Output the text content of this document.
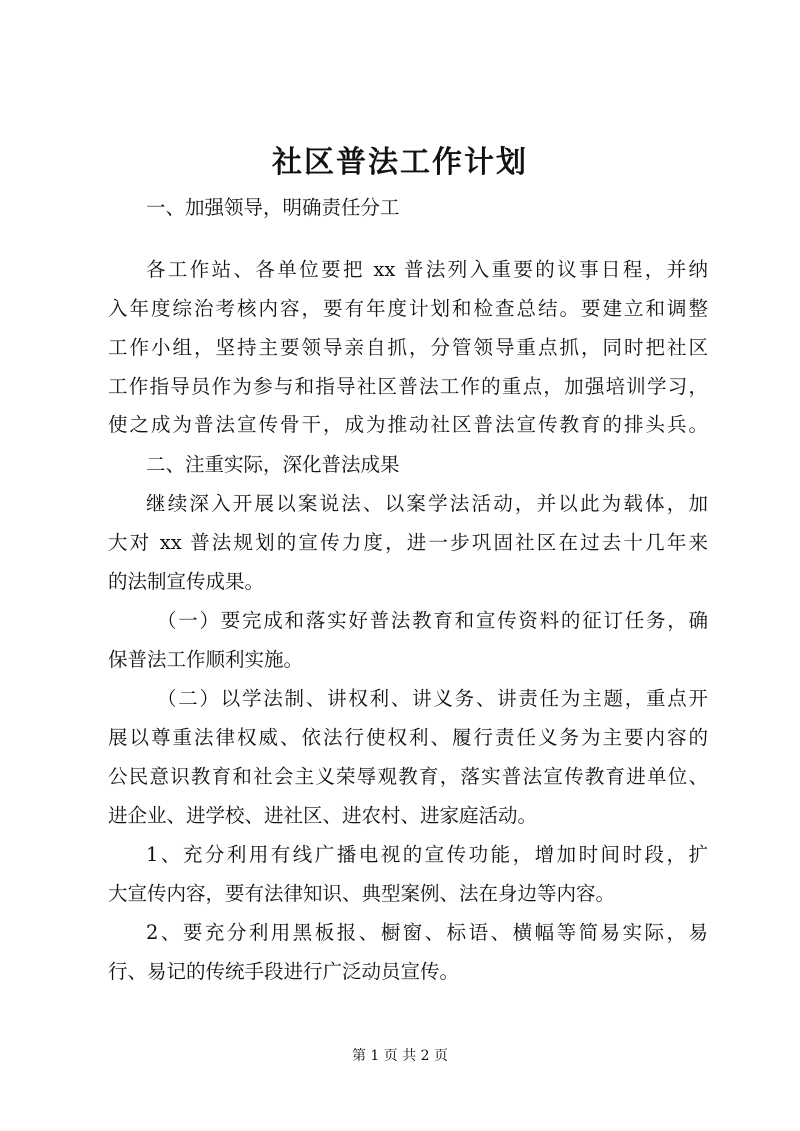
社区普法工作计划
一、加强领导，明确责任分工
各工作站、各单位要把 xx 普法列入重要的议事日程，并纳
入年度综治考核内容，要有年度计划和检查总结。要建立和调整
工作小组，坚持主要领导亲自抓，分管领导重点抓，同时把社区
工作指导员作为参与和指导社区普法工作的重点，加强培训学习，
使之成为普法宣传骨干，成为推动社区普法宣传教育的排头兵。
二、注重实际，深化普法成果
继续深入开展以案说法、以案学法活动，并以此为载体，加
大对 xx 普法规划的宣传力度，进一步巩固社区在过去十几年来
的法制宣传成果。
（一）要完成和落实好普法教育和宣传资料的征订任务，确
保普法工作顺利实施。
（二）以学法制、讲权利、讲义务、讲责任为主题，重点开
展以尊重法律权威、依法行使权利、履行责任义务为主要内容的
公民意识教育和社会主义荣辱观教育，落实普法宣传教育进单位、
进企业、进学校、进社区、进农村、进家庭活动。
1、充分利用有线广播电视的宣传功能，增加时间时段，扩
大宣传内容，要有法律知识、典型案例、法在身边等内容。
2、要充分利用黑板报、橱窗、标语、横幅等简易实际，易
行、易记的传统手段进行广泛动员宣传。
第 1 页 共 2 页
